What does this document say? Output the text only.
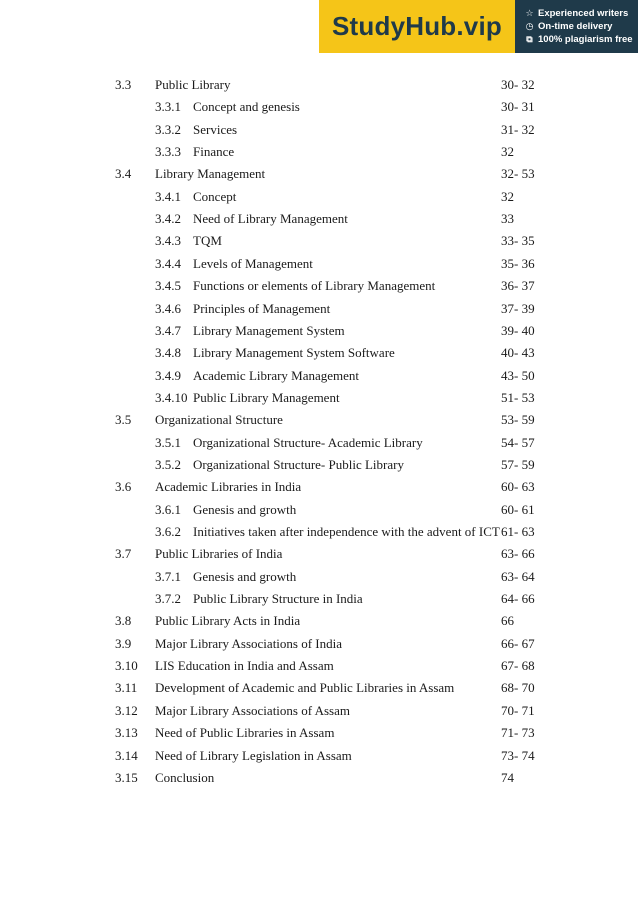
StudyHub.vip	☆ Experienced writers
◷ On-time delivery
⧉ 100% plagiarism free
3.3 Public Library	30- 32
3.3.1 Concept and genesis	30- 31
3.3.2 Services	31- 32
3.3.3 Finance	32
3.4 Library Management	32- 53
3.4.1 Concept	32
3.4.2 Need of Library Management	33
3.4.3 TQM	33- 35
3.4.4 Levels of Management	35- 36
3.4.5 Functions or elements of Library Management	36- 37
3.4.6 Principles of Management	37- 39
3.4.7 Library Management System	39- 40
3.4.8 Library Management System Software	40- 43
3.4.9 Academic Library Management	43- 50
3.4.10 Public Library Management	51- 53
3.5 Organizational Structure	53- 59
3.5.1 Organizational Structure- Academic Library	54- 57
3.5.2 Organizational Structure- Public Library	57- 59
3.6 Academic Libraries in India	60- 63
3.6.1 Genesis and growth	60- 61
3.6.2 Initiatives taken after independence with the advent of ICT 61- 63
3.7 Public Libraries of India	63- 66
3.7.1 Genesis and growth	63- 64
3.7.2 Public Library Structure in India	64- 66
3.8 Public Library Acts in India	66
3.9 Major Library Associations of India	66- 67
3.10 LIS Education in India and Assam	67- 68
3.11 Development of Academic and Public Libraries in Assam	68- 70
3.12 Major Library Associations of Assam	70- 71
3.13 Need of Public Libraries in Assam	71- 73
3.14 Need of Library Legislation in Assam	73- 74
3.15 Conclusion	74
